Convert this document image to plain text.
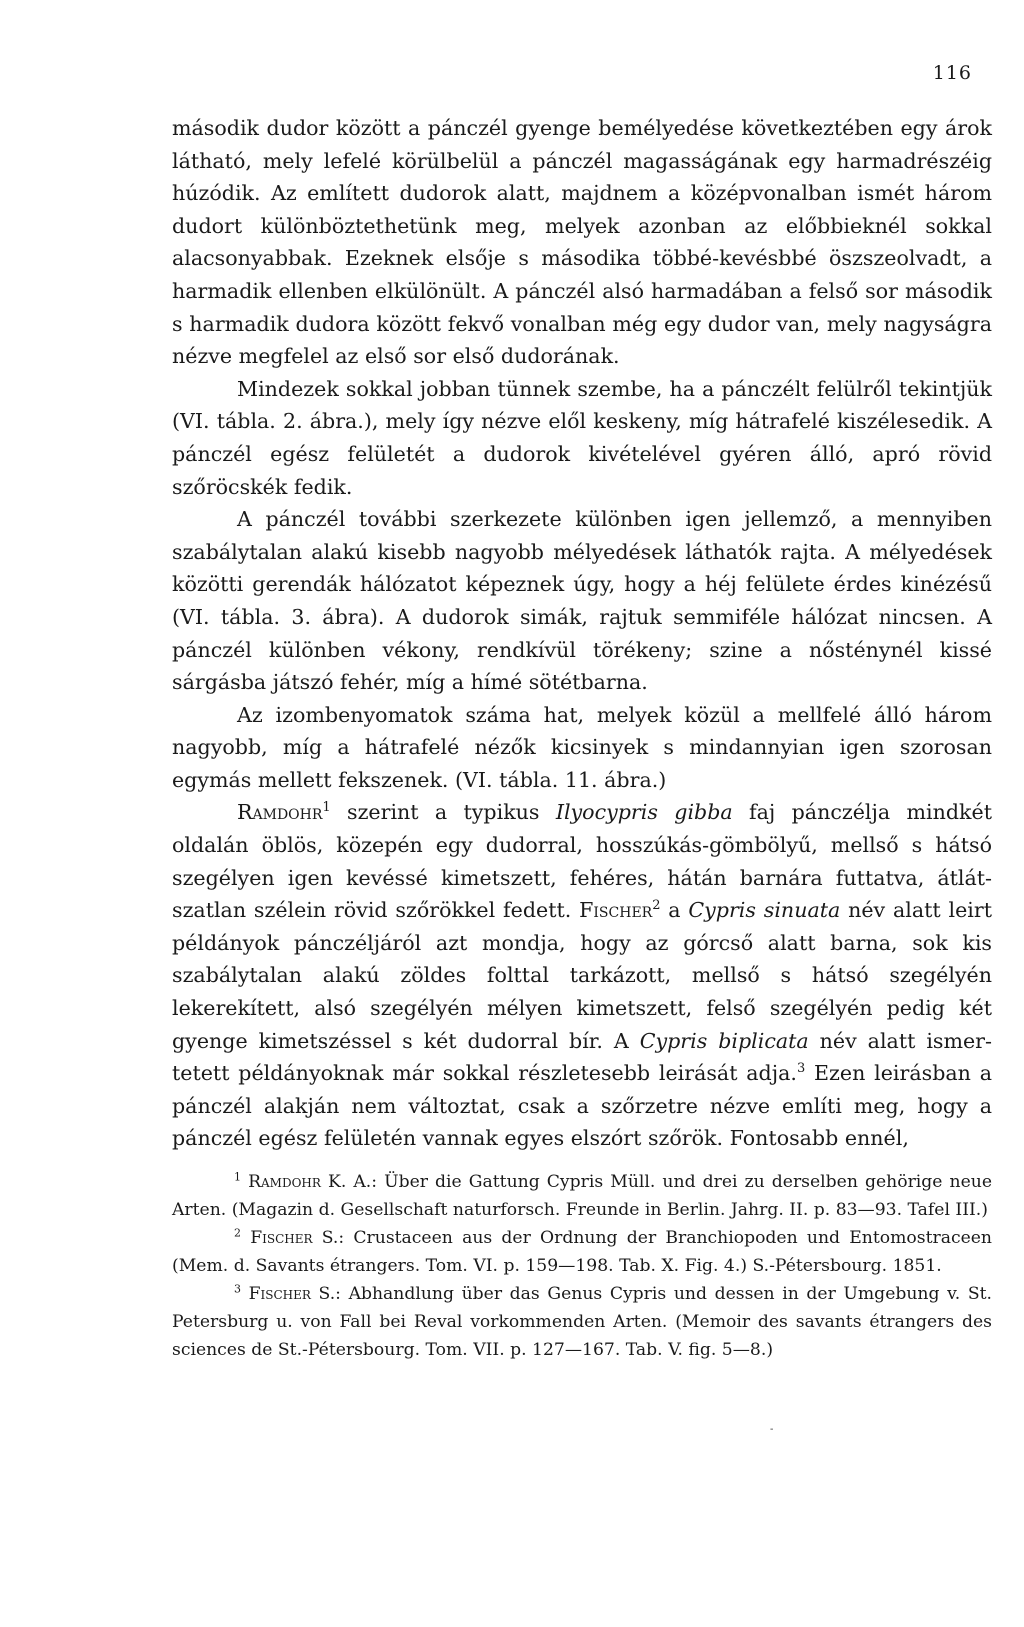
116

második dudor között a pánczél gyenge bemélyedése következtében egy árok látható, mely lefelé körülbelül a pánczél magasságának egy harmadrészéig húzódik. Az említett dudorok alatt, majdnem a középvonalban ismét három dudort különböztethetünk meg, melyek azonban az előbbieknél sokkal alacsonyabbak. Ezeknek elsője s másodika többé-kevésbbé öszszeolvadt, a harmadik ellenben elkülönült. A pánczél alsó harmadában a felső sor második s harmadik dudora között fekvő vonalban még egy dudor van, mely nagyságra nézve megfelel az első sor első dudorának.

Mindezek sokkal jobban tünnek szembe, ha a pánczélt felülről tekintjük (VI. tábla. 2. ábra.), mely így nézve elől keskeny, míg hátrafelé kiszélesedik. A pánczél egész felületét a dudorok kivételével gyéren álló, apró rövid szőröcskék fedik.

A pánczél további szerkezete különben igen jellemző, a mennyiben szabálytalan alakú kisebb nagyobb mélyedések láthatók rajta. A mélyedések közötti gerendák hálózatot képeznek úgy, hogy a héj felülete érdes kinézésű (VI. tábla. 3. ábra). A dudorok simák, rajtuk semmiféle hálózat nincsen. A pánczél különben vékony, rendkívül törékeny; szine a nősténynél kissé sárgásba játszó fehér, míg a hímé sötétbarna.

Az izombenyomatok száma hat, melyek közül a mellfelé álló három nagyobb, míg a hátrafelé nézők kicsinyek s mindannyian igen szorosan egymás mellett fekszenek. (VI. tábla. 11. ábra.)

Ramdohr$^1$ szerint a typikus Ilyocypris gibba faj pánczélja mindkét oldalán öblös, közepén egy dudorral, hosszúkás-gömbölyű, mellső s hátsó szegélyen igen kevéssé kimetszett, fehéres, hátán barnára futtatva, átlátszatlan szélein rövid szőrökkel fedett. Fischer$^2$ a Cypris sinuata név alatt leirt példányok pánczéljáról azt mondja, hogy az górcső alatt barna, sok kis szabálytalan alakú zöldes folttal tarkázott, mellső s hátsó szegélyén lekerekített, alsó szegélyén mélyen kimetszett, felső szegélyén pedig két gyenge kimetszéssel s két dudorral bír. A Cypris biplicata név alatt ismertetett példányoknak már sokkal részletesebb leirását adja.$^3$ Ezen leirásban a pánczél alakján nem változtat, csak a szőrzetre nézve említi meg, hogy a pánczél egész felületén vannak egyes elszórt szőrök. Fontosabb ennél,

$^1$ Ramdohr K. A.: Über die Gattung Cypris Müll. und drei zu derselben gehörige neue Arten. (Magazin d. Gesellschaft naturforsch. Freunde in Berlin. Jahrg. II. p. 83—93. Tafel III.)

$^2$ Fischer S.: Crustaceen aus der Ordnung der Branchiopoden und Entomostraceen (Mem. d. Savants étrangers. Tom. VI. p. 159—198. Tab. X. Fig. 4.) S.-Pétersbourg. 1851.

$^3$ Fischer S.: Abhandlung über das Genus Cypris und dessen in der Umgebung v. St. Petersburg u. von Fall bei Reval vorkommenden Arten. (Memoir des savants étrangers des sciences de St.-Pétersbourg. Tom. VII. p. 127—167. Tab. V. fig. 5—8.)

-
